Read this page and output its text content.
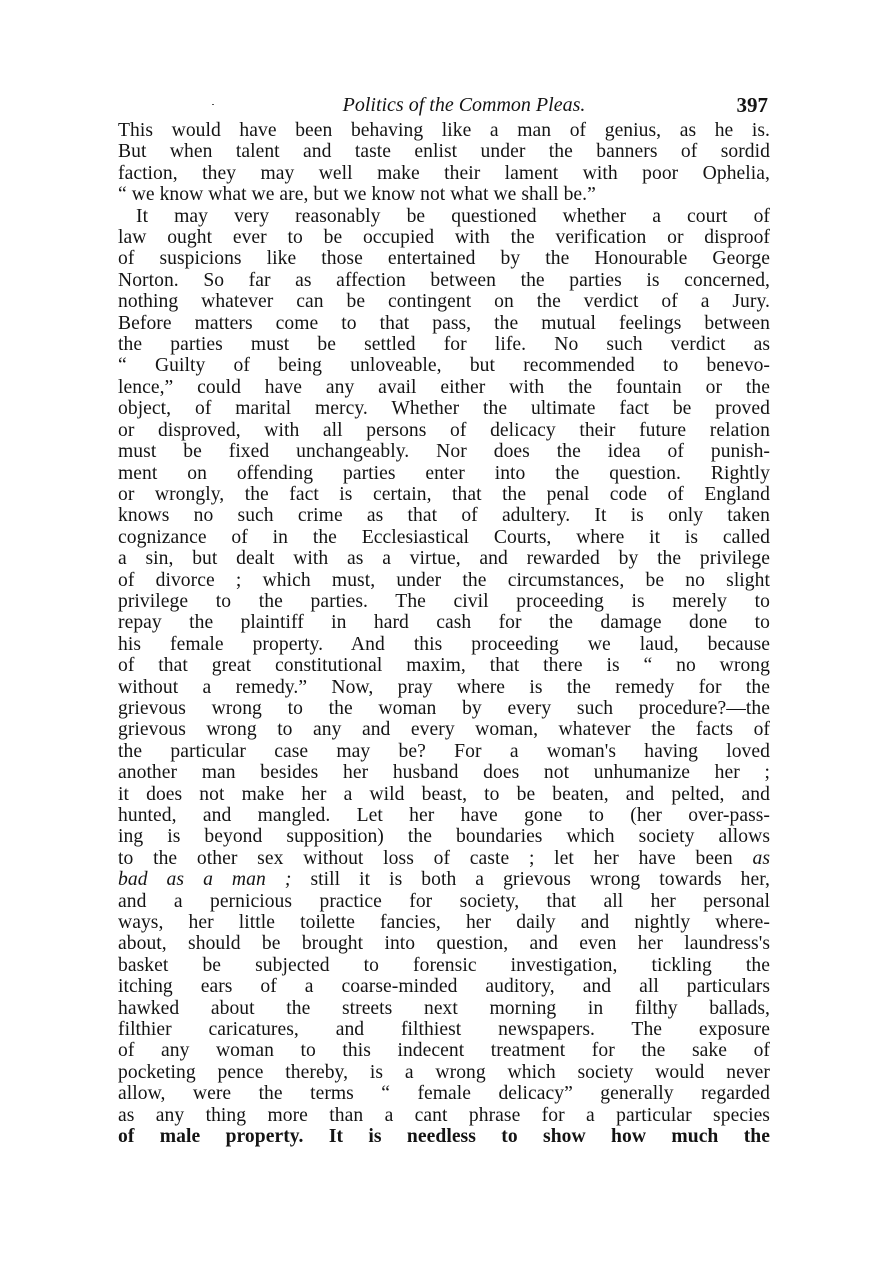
Politics of the Common Pleas.	397
This would have been behaving like a man of genius, as he is.
But when talent and taste enlist under the banners of sordid
faction, they may well make their lament with poor Ophelia,
“ we know what we are, but we know not what we shall be.”
It may very reasonably be questioned whether a court of
law ought ever to be occupied with the verification or disproof
of suspicions like those entertained by the Honourable George
Norton. So far as affection between the parties is concerned,
nothing whatever can be contingent on the verdict of a Jury.
Before matters come to that pass, the mutual feelings between
the parties must be settled for life. No such verdict as
“ Guilty of being unloveable, but recommended to benevo-
lence,” could have any avail either with the fountain or the
object, of marital mercy. Whether the ultimate fact be proved
or disproved, with all persons of delicacy their future relation
must be fixed unchangeably. Nor does the idea of punish-
ment on offending parties enter into the question. Rightly
or wrongly, the fact is certain, that the penal code of England
knows no such crime as that of adultery. It is only taken
cognizance of in the Ecclesiastical Courts, where it is called
a sin, but dealt with as a virtue, and rewarded by the privilege
of divorce ; which must, under the circumstances, be no slight
privilege to the parties. The civil proceeding is merely to
repay the plaintiff in hard cash for the damage done to
his female property. And this proceeding we laud, because
of that great constitutional maxim, that there is “ no wrong
without a remedy.” Now, pray where is the remedy for the
grievous wrong to the woman by every such procedure?—the
grievous wrong to any and every woman, whatever the facts of
the particular case may be? For a woman's having loved
another man besides her husband does not unhumanize her ;
it does not make her a wild beast, to be beaten, and pelted, and
hunted, and mangled. Let her have gone to (her over-pass-
ing is beyond supposition) the boundaries which society allows
to the other sex without loss of caste ; let her have been as
bad as a man ; still it is both a grievous wrong towards her,
and a pernicious practice for society, that all her personal
ways, her little toilette fancies, her daily and nightly where-
about, should be brought into question, and even her laundress's
basket be subjected to forensic investigation, tickling the
itching ears of a coarse-minded auditory, and all particulars
hawked about the streets next morning in filthy ballads,
filthier caricatures, and filthiest newspapers. The exposure
of any woman to this indecent treatment for the sake of
pocketing pence thereby, is a wrong which society would never
allow, were the terms “ female delicacy” generally regarded
as any thing more than a cant phrase for a particular species
of male property. It is needless to show how much the
